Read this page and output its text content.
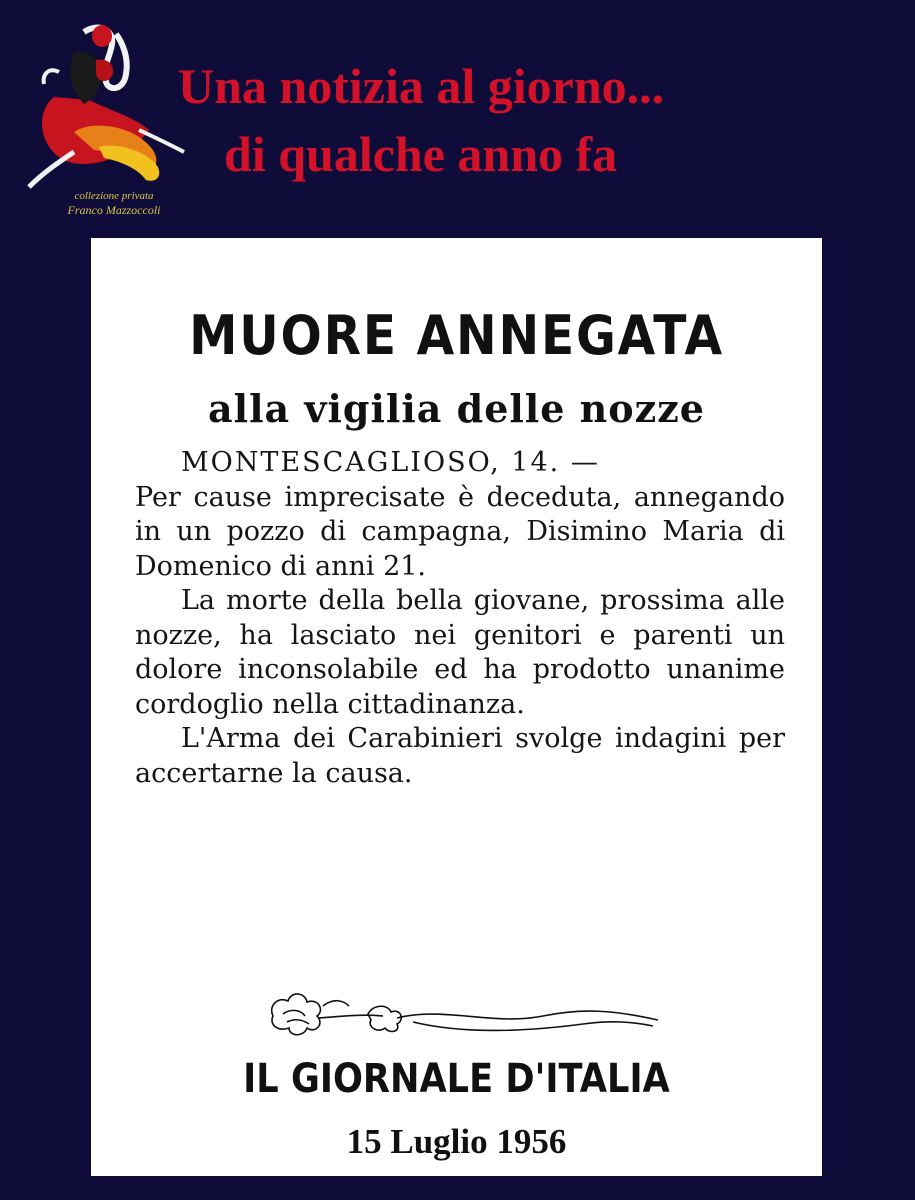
collezione privata
Franco Mazzoccoli
Una notizia al giorno...
di qualche anno fa
MUORE ANNEGATA
alla vigilia delle nozze

MONTESCAGLIOSO, 14. —

Per cause imprecisate è deceduta, annegando in un pozzo di campagna, Disimino Maria di Domenico di anni 21.

La morte della bella giovane, prossima alle nozze, ha lasciato nei genitori e parenti un dolore inconsolabile ed ha prodotto unanime cordoglio nella cittadinanza.

L'Arma dei Carabinieri svolge indagini per accertarne la causa.

IL GIORNALE D'ITALIA

15 Luglio 1956
